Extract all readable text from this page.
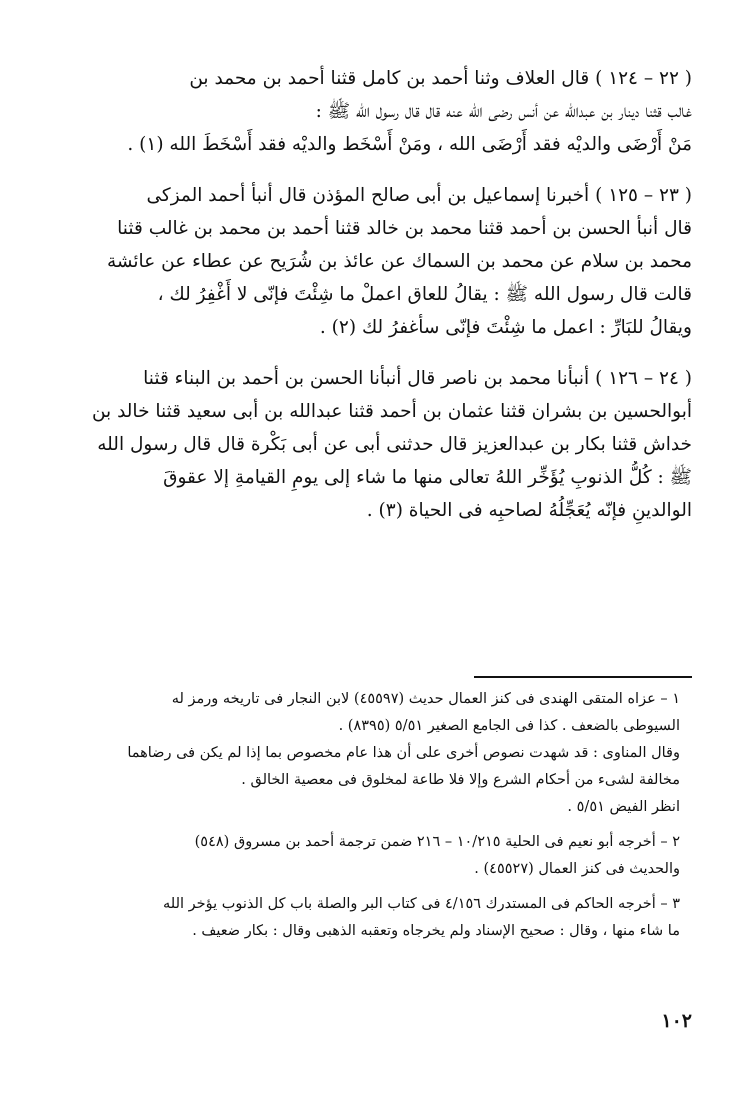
( ٢٢ – ١٢٤ ) قال العلاف وثنا أحمد بن كامل قثنا أحمد بن محمد بن
غالب قثنا دينار بن عبدالله عن أنس رضى الله عنه قال قال رسول الله ﷺ :
مَنْ أَرْضَى والديْه فقد أَرْضَى الله ، ومَنْ أَسْخَط والديْه فقد أَسْخَطَ الله (١) .
( ٢٣ – ١٢٥ ) أخبرنا إسماعيل بن أبى صالح المؤذن قال أنبأ أحمد المزكى
قال أنبأ الحسن بن أحمد قثنا محمد بن خالد قثنا أحمد بن محمد بن غالب قثنا
محمد بن سلام عن محمد بن السماك عن عائذ بن شُرَيح عن عطاء عن عائشة
قالت قال رسول الله ﷺ : يقالُ للعاق اعملْ ما شِئْتَ فإنّى لا أَغْفِرُ لك ،
ويقالُ للبَارِّ : اعمل ما شِئْتَ فإنّى سأغفرُ لك (٢) .
( ٢٤ – ١٢٦ ) أنبأنا محمد بن ناصر قال أنبأنا الحسن بن أحمد بن البناء قثنا
أبوالحسين بن بشران قثنا عثمان بن أحمد قثنا عبدالله بن أبى سعيد قثنا خالد بن
خداش قثنا بكار بن عبدالعزيز قال حدثنى أبى عن أبى بَكْرة قال قال رسول الله
ﷺ : كُلُّ الذنوبِ يُؤَخِّر اللهُ تعالى منها ما شاء إلى يومِ القيامةِ إلا عقوقَ
الوالدينِ فإنّه يُعَجِّلُهُ لصاحبِه فى الحياة (٣) .
١ – عزاه المتقى الهندى فى كنز العمال حديث (٤٥٥٩٧) لابن النجار فى تاريخه ورمز له
السيوطى بالضعف . كذا فى الجامع الصغير ٥/٥١ (٨٣٩٥) .
وقال المناوى : قد شهدت نصوص أخرى على أن هذا عام مخصوص بما إذا لم يكن فى رضاهما
مخالفة لشىء من أحكام الشرع وإلا فلا طاعة لمخلوق فى معصية الخالق .
انظر الفيض ٥/٥١ .
٢ – أخرجه أبو نعيم فى الحلية ١٠/٢١٥ – ٢١٦ ضمن ترجمة أحمد بن مسروق (٥٤٨)
والحديث فى كنز العمال (٤٥٥٢٧) .
٣ – أخرجه الحاكم فى المستدرك ٤/١٥٦ فى كتاب البر والصلة باب كل الذنوب يؤخر الله
ما شاء منها ، وقال : صحيح الإسناد ولم يخرجاه وتعقبه الذهبى وقال : بكار ضعيف .
١٠٢
